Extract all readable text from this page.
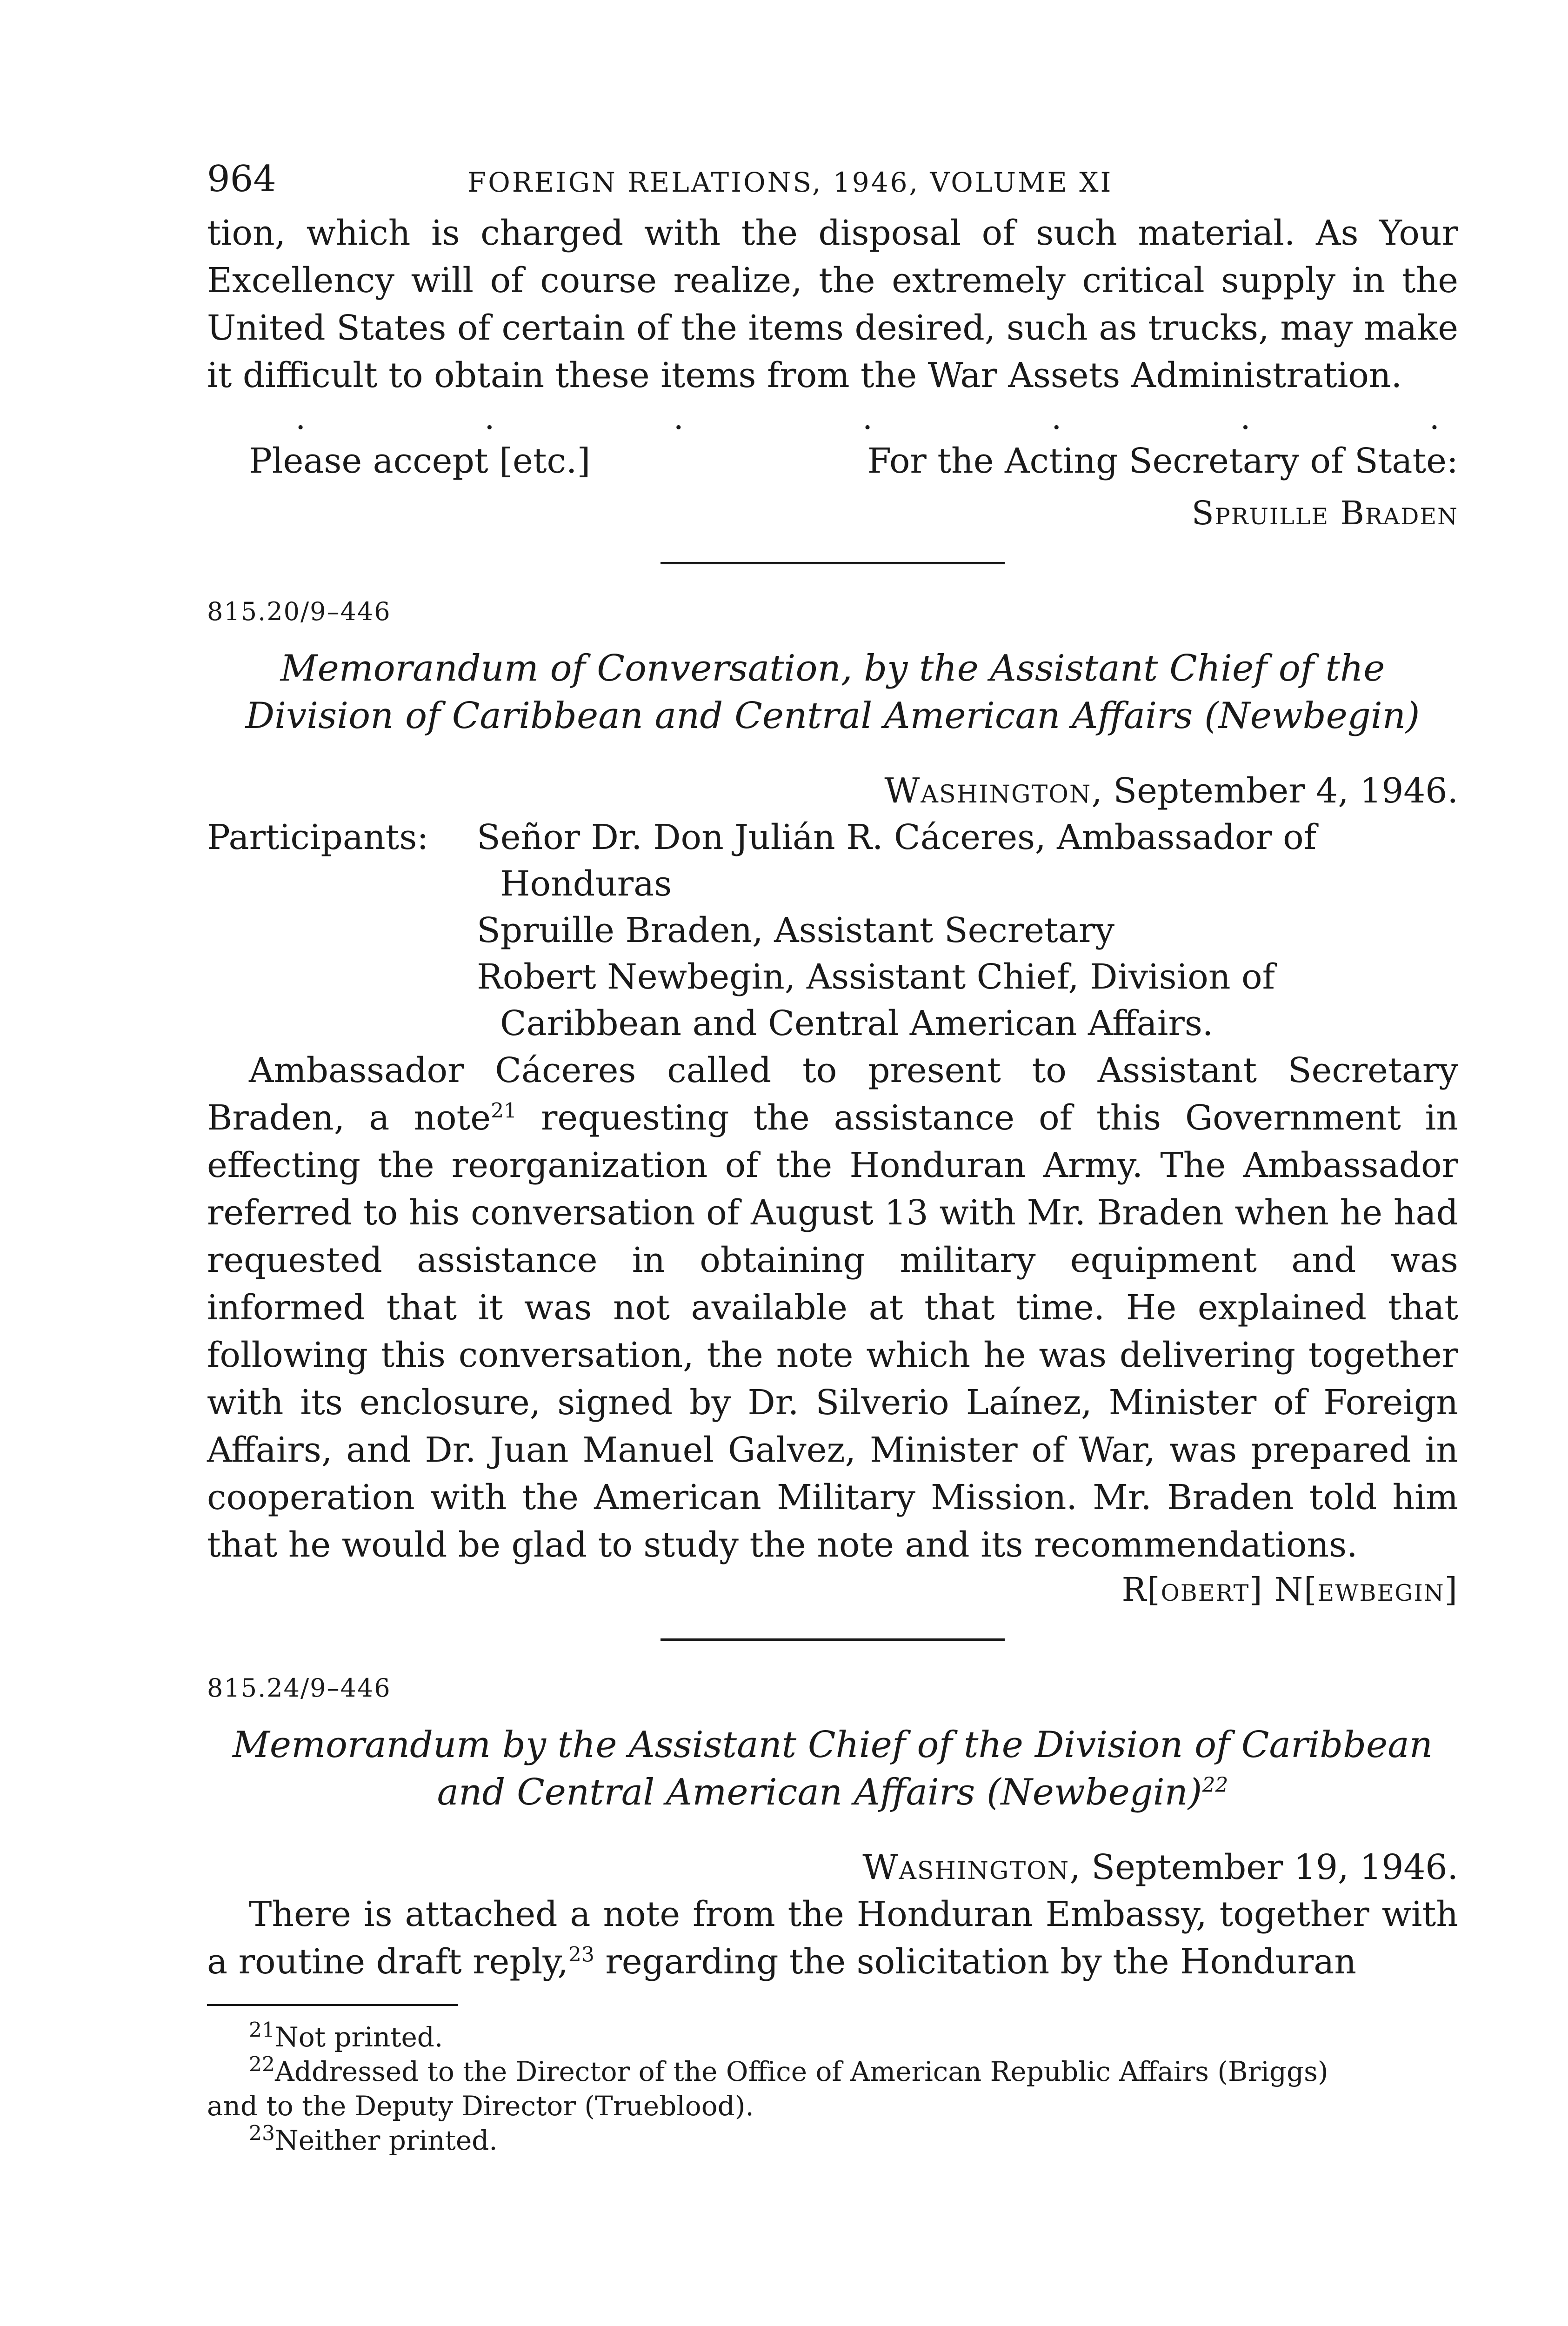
964	FOREIGN RELATIONS, 1946, VOLUME XI

tion, which is charged with the disposal of such material. As Your Excellency will of course realize, the extremely critical supply in the United States of certain of the items desired, such as trucks, may make it difficult to obtain these items from the War Assets Administration.

.	.	.	.	.	.	.
Please accept [etc.]	For the Acting Secretary of State:
Spruille Braden
815.20/9–446
Memorandum of Conversation, by the Assistant Chief of the Division of Caribbean and Central American Affairs (Newbegin)
Washington, September 4, 1946.
Participants:	Señor Dr. Don Julián R. Cáceres, Ambassador of Honduras
Spruille Braden, Assistant Secretary
Robert Newbegin, Assistant Chief, Division of Caribbean and Central American Affairs.

Ambassador Cáceres called to present to Assistant Secretary Braden, a note$^{21}$ requesting the assistance of this Government in effecting the reorganization of the Honduran Army. The Ambassador referred to his conversation of August 13 with Mr. Braden when he had requested assistance in obtaining military equipment and was informed that it was not available at that time. He explained that following this conversation, the note which he was delivering together with its enclosure, signed by Dr. Silverio Laínez, Minister of Foreign Affairs, and Dr. Juan Manuel Galvez, Minister of War, was prepared in cooperation with the American Military Mission. Mr. Braden told him that he would be glad to study the note and its recommendations.

R[obert] N[ewbegin]
815.24/9–446
Memorandum by the Assistant Chief of the Division of Caribbean and Central American Affairs (Newbegin)$^{22}$
Washington, September 19, 1946.

There is attached a note from the Honduran Embassy, together with a routine draft reply,$^{23}$ regarding the solicitation by the Honduran

$^{21}$Not printed.
$^{22}$Addressed to the Director of the Office of American Republic Affairs (Briggs)
and to the Deputy Director (Trueblood).
$^{23}$Neither printed.
